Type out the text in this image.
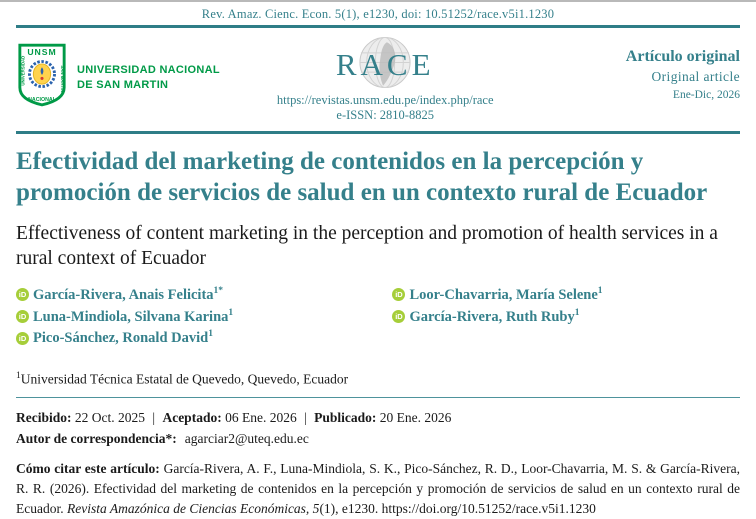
Rev. Amaz. Cienc. Econ. 5(1), e1230, doi: 10.51252/race.v5i1.1230
UNSM
UNIVERSIDAD	SAN MARTIN
NACIONAL
UNIVERSIDAD NACIONAL
DE SAN MARTIN
RACE
https://revistas.unsm.edu.pe/index.php/race
e-ISSN: 2810-8825
Artículo original
Original article
Ene-Dic, 2026
Efectividad del marketing de contenidos en la percepción y promoción de servicios de salud en un contexto rural de Ecuador
Effectiveness of content marketing in the perception and promotion of health services in a rural context of Ecuador
iD García-Rivera, Anais Felicita$^{1*}$
iD Luna-Mindiola, Silvana Karina$^1$
iD Pico-Sánchez, Ronald David$^1$
iD Loor-Chavarria, María Selene$^1$
iD García-Rivera, Ruth Ruby$^1$
$^1$Universidad Técnica Estatal de Quevedo, Quevedo, Ecuador
Recibido: 22 Oct. 2025 | Aceptado: 06 Ene. 2026 | Publicado: 20 Ene. 2026
Autor de correspondencia*: agarciar2@uteq.edu.ec

Cómo citar este artículo: García-Rivera, A. F., Luna-Mindiola, S. K., Pico-Sánchez, R. D., Loor-Chavarria, M. S. & García-Rivera, R. R. (2026). Efectividad del marketing de contenidos en la percepción y promoción de servicios de salud en un contexto rural de Ecuador. Revista Amazónica de Ciencias Económicas, 5(1), e1230. https://doi.org/10.51252/race.v5i1.1230
